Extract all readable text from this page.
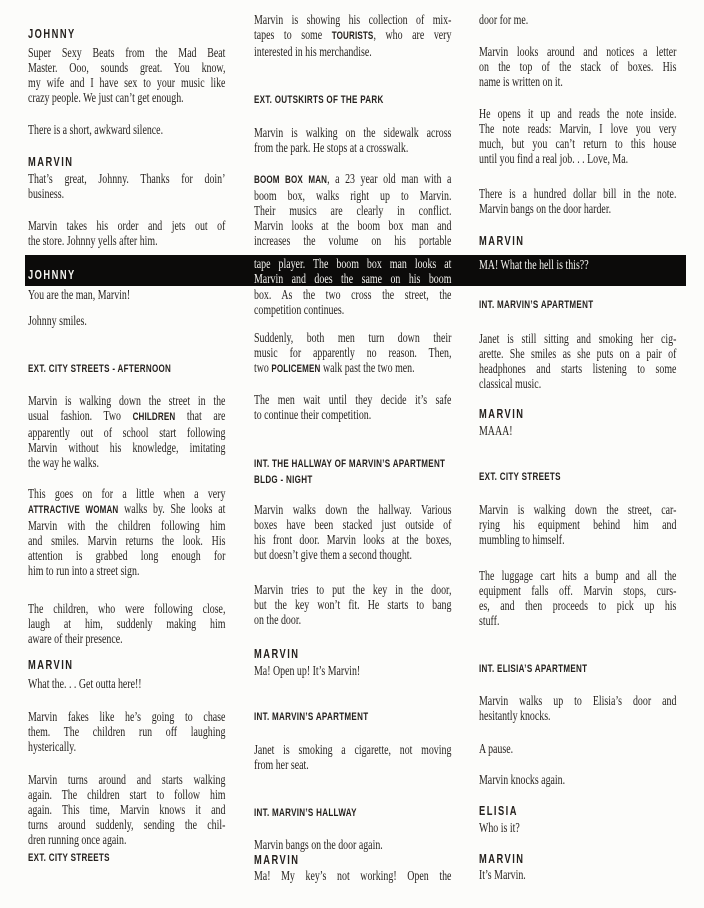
JOHNNY
Super Sexy Beats from the Mad Beat
Master. Ooo, sounds great. You know,
my wife and I have sex to your music like
crazy people. We just can’t get enough.
There is a short, awkward silence.
MARVIN
That’s great, Johnny. Thanks for doin’
business.
Marvin takes his order and jets out of
the store. Johnny yells after him.
JOHNNY
You are the man, Marvin!
Johnny smiles.
EXT. CITY STREETS - AFTERNOON
Marvin is walking down the street in the
usual fashion. Two CHILDREN that are
apparently out of school start following
Marvin without his knowledge, imitating
the way he walks.
This goes on for a little when a very
ATTRACTIVE WOMAN walks by. She looks at
Marvin with the children following him
and smiles. Marvin returns the look. His
attention is grabbed long enough for
him to run into a street sign.
The children, who were following close,
laugh at him, suddenly making him
aware of their presence.
MARVIN
What the. . . Get outta here!!
Marvin fakes like he’s going to chase
them. The children run off laughing
hysterically.
Marvin turns around and starts walking
again. The children start to follow him
again. This time, Marvin knows it and
turns around suddenly, sending the chil-
dren running once again.
EXT. CITY STREETS
Marvin is showing his collection of mix-
tapes to some TOURISTS, who are very
interested in his merchandise.
EXT. OUTSKIRTS OF THE PARK
Marvin is walking on the sidewalk across
from the park. He stops at a crosswalk.
BOOM BOX MAN, a 23 year old man with a
boom box, walks right up to Marvin.
Their musics are clearly in conflict.
Marvin looks at the boom box man and
increases the volume on his portable
tape player. The boom box man looks at
Marvin and does the same on his boom
box. As the two cross the street, the
competition continues.
Suddenly, both men turn down their
music for apparently no reason. Then,
two POLICEMEN walk past the two men.
The men wait until they decide it’s safe
to continue their competition.
INT. THE HALLWAY OF MARVIN’S APARTMENT
BLDG - NIGHT
Marvin walks down the hallway. Various
boxes have been stacked just outside of
his front door. Marvin looks at the boxes,
but doesn’t give them a second thought.
Marvin tries to put the key in the door,
but the key won’t fit. He starts to bang
on the door.
MARVIN
Ma! Open up! It’s Marvin!
INT. MARVIN’S APARTMENT
Janet is smoking a cigarette, not moving
from her seat.
INT. MARVIN’S HALLWAY
Marvin bangs on the door again.
MARVIN
Ma! My key’s not working! Open the
door for me.
Marvin looks around and notices a letter
on the top of the stack of boxes. His
name is written on it.
He opens it up and reads the note inside.
The note reads: Marvin, I love you very
much, but you can’t return to this house
until you find a real job. . . Love, Ma.
There is a hundred dollar bill in the note.
Marvin bangs on the door harder.
MARVIN
MA! What the hell is this??
INT. MARVIN’S APARTMENT
Janet is still sitting and smoking her cig-
arette. She smiles as she puts on a pair of
headphones and starts listening to some
classical music.
MARVIN
MAAA!
EXT. CITY STREETS
Marvin is walking down the street, car-
rying his equipment behind him and
mumbling to himself.
The luggage cart hits a bump and all the
equipment falls off. Marvin stops, curs-
es, and then proceeds to pick up his
stuff.
INT. ELISIA’S APARTMENT
Marvin walks up to Elisia’s door and
hesitantly knocks.
A pause.
Marvin knocks again.
ELISIA
Who is it?
MARVIN
It’s Marvin.
